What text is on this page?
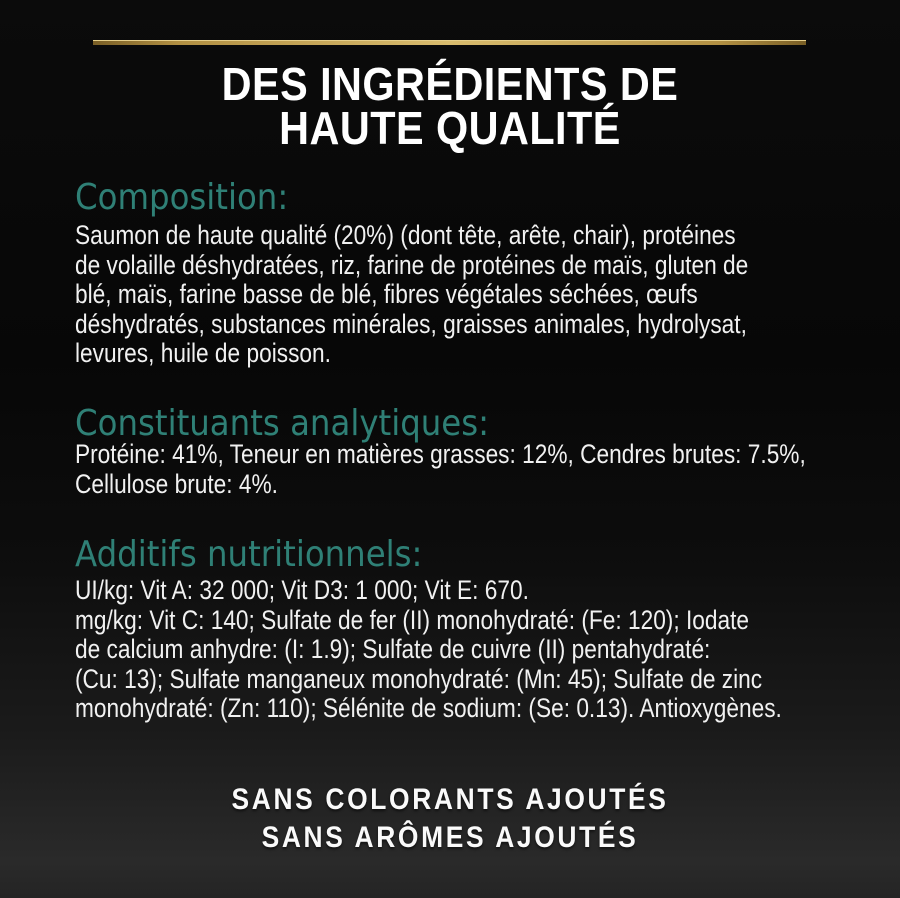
DES INGRÉDIENTS DE
HAUTE QUALITÉ
Composition:
Saumon de haute qualité (20%) (dont tête, arête, chair), protéines
de volaille déshydratées, riz, farine de protéines de maïs, gluten de
blé, maïs, farine basse de blé, fibres végétales séchées, œufs
déshydratés, substances minérales, graisses animales, hydrolysat,
levures, huile de poisson.
Constituants analytiques:
Protéine: 41%, Teneur en matières grasses: 12%, Cendres brutes: 7.5%,
Cellulose brute: 4%.
Additifs nutritionnels:
UI/kg: Vit A: 32 000; Vit D3: 1 000; Vit E: 670.
mg/kg: Vit C: 140; Sulfate de fer (II) monohydraté: (Fe: 120); Iodate
de calcium anhydre: (I: 1.9); Sulfate de cuivre (II) pentahydraté:
(Cu: 13); Sulfate manganeux monohydraté: (Mn: 45); Sulfate de zinc
monohydraté: (Zn: 110); Sélénite de sodium: (Se: 0.13). Antioxygènes.
SANS COLORANTS AJOUTÉS
SANS ARÔMES AJOUTÉS
